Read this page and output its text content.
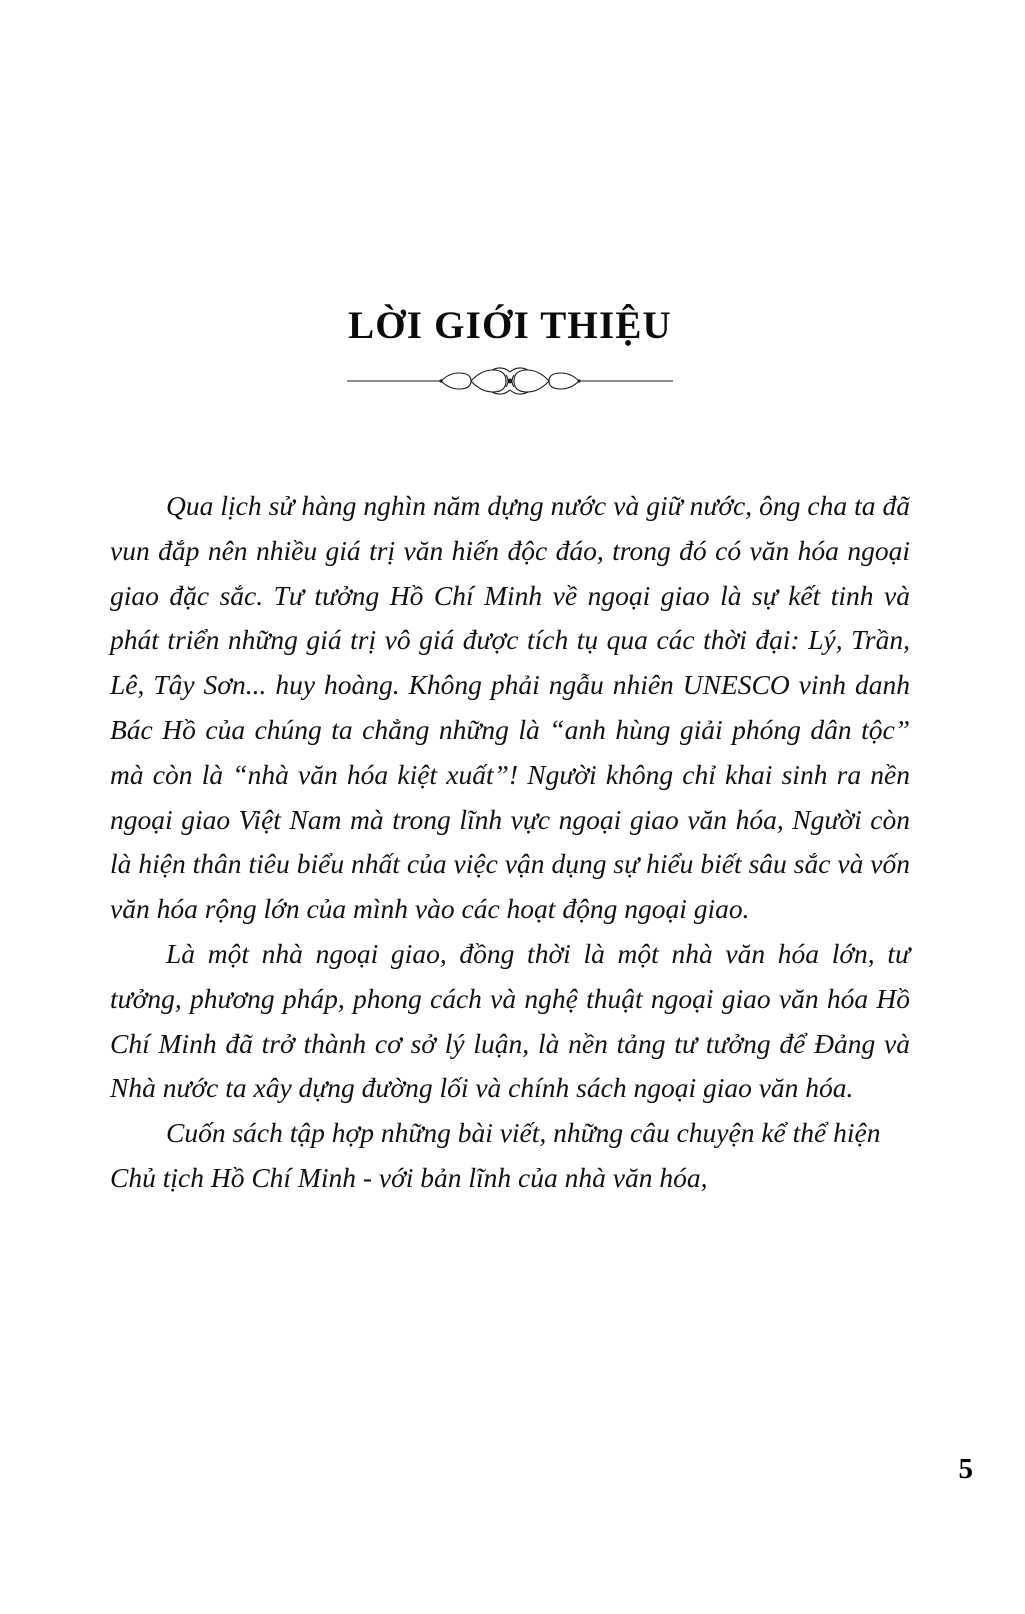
LỜI GIỚI THIỆU

Qua lịch sử hàng nghìn năm dựng nước và giữ nước, ông cha ta đã vun đắp nên nhiều giá trị văn hiến độc đáo, trong đó có văn hóa ngoại giao đặc sắc. Tư tưởng Hồ Chí Minh về ngoại giao là sự kết tinh và phát triển những giá trị vô giá được tích tụ qua các thời đại: Lý, Trần, Lê, Tây Sơn... huy hoàng. Không phải ngẫu nhiên UNESCO vinh danh Bác Hồ của chúng ta chẳng những là “anh hùng giải phóng dân tộc” mà còn là “nhà văn hóa kiệt xuất”! Người không chỉ khai sinh ra nền ngoại giao Việt Nam mà trong lĩnh vực ngoại giao văn hóa, Người còn là hiện thân tiêu biểu nhất của việc vận dụng sự hiểu biết sâu sắc và vốn văn hóa rộng lớn của mình vào các hoạt động ngoại giao.

Là một nhà ngoại giao, đồng thời là một nhà văn hóa lớn, tư tưởng, phương pháp, phong cách và nghệ thuật ngoại giao văn hóa Hồ Chí Minh đã trở thành cơ sở lý luận, là nền tảng tư tưởng để Đảng và Nhà nước ta xây dựng đường lối và chính sách ngoại giao văn hóa.

Cuốn sách tập hợp những bài viết, những câu chuyện kể thể hiện Chủ tịch Hồ Chí Minh - với bản lĩnh của nhà văn hóa,

5
